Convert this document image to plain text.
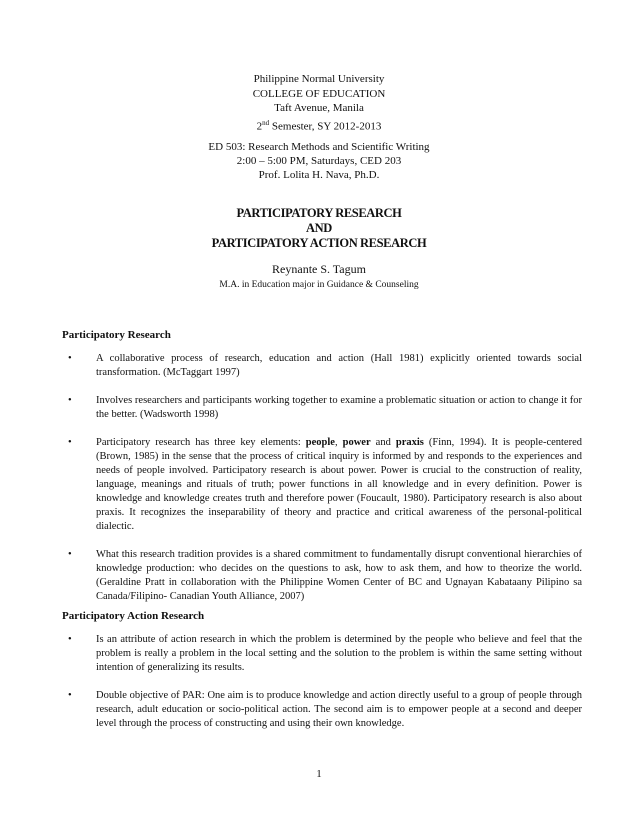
Philippine Normal University
COLLEGE OF EDUCATION
Taft Avenue, Manila
2nd Semester, SY 2012-2013
ED 503: Research Methods and Scientific Writing
2:00 – 5:00 PM, Saturdays, CED 203
Prof. Lolita H. Nava, Ph.D.
PARTICIPATORY RESEARCH
AND
PARTICIPATORY ACTION RESEARCH
Reynante S. Tagum
M.A. in Education major in Guidance & Counseling
Participatory Research
• A collaborative process of research, education and action (Hall 1981) explicitly oriented towards social transformation. (McTaggart 1997)
• Involves researchers and participants working together to examine a problematic situation or action to change it for the better. (Wadsworth 1998)
• Participatory research has three key elements: people, power and praxis (Finn, 1994). It is people-centered (Brown, 1985) in the sense that the process of critical inquiry is informed by and responds to the experiences and needs of people involved. Participatory research is about power. Power is crucial to the construction of reality, language, meanings and rituals of truth; power functions in all knowledge and in every definition. Power is knowledge and knowledge creates truth and therefore power (Foucault, 1980). Participatory research is also about praxis. It recognizes the inseparability of theory and practice and critical awareness of the personal-political dialectic.
• What this research tradition provides is a shared commitment to fundamentally disrupt conventional hierarchies of knowledge production: who decides on the questions to ask, how to ask them, and how to theorize the world. (Geraldine Pratt in collaboration with the Philippine Women Center of BC and Ugnayan Kabataany Pilipino sa Canada/Filipino- Canadian Youth Alliance, 2007)
Participatory Action Research
• Is an attribute of action research in which the problem is determined by the people who believe and feel that the problem is really a problem in the local setting and the solution to the problem is within the same setting without intention of generalizing its results.
• Double objective of PAR: One aim is to produce knowledge and action directly useful to a group of people through research, adult education or socio-political action. The second aim is to empower people at a second and deeper level through the process of constructing and using their own knowledge.
1
